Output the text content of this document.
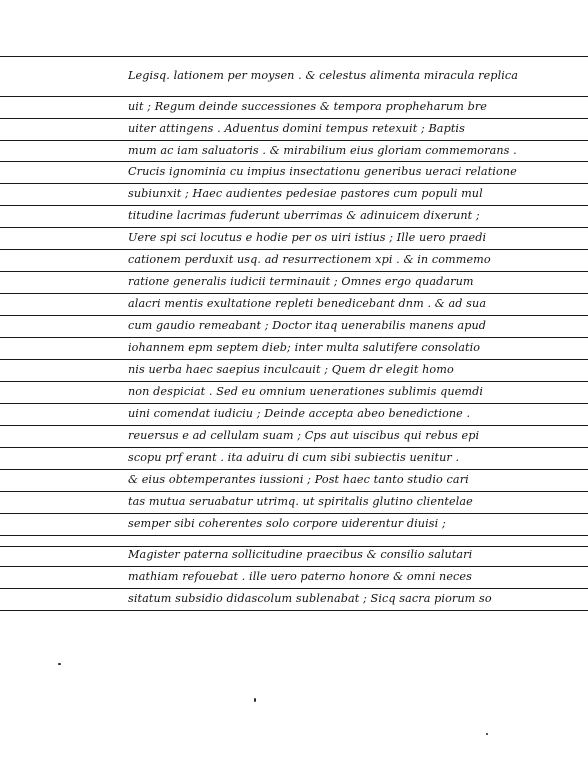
Legisq. lationem per moysen . & celestus alimenta miracula replica
uit ; Regum deinde successiones & tempora propheharum bre
uiter attingens . Aduentus domini tempus retexuit ; Baptis
mum ac iam saluatoris . & mirabilium eius gloriam commemorans .
Crucis ignominia cu impius insectationu generibus ueraci relatione
subiunxit ; Haec audientes pedesiae pastores cum populi mul
titudine lacrimas fuderunt uberrimas & adinuicem dixerunt ;
Uere spi sci locutus e hodie per os uiri istius ; Ille uero praedi
cationem perduxit usq. ad resurrectionem xpi . & in commemo
ratione generalis iudicii terminauit ; Omnes ergo quadarum
alacri mentis exultatione repleti benedicebant dnm . & ad sua
cum gaudio remeabant ; Doctor itaq uenerabilis manens apud
iohannem epm septem dieb; inter multa salutifere consolatio
nis uerba haec saepius inculcauit ; Quem dr elegit homo
non despiciat . Sed eu omnium uenerationes sublimis quemdi
uini comendat iudiciu ; Deinde accepta abeo benedictione .
reuersus e ad cellulam suam ; Cps aut uiscibus qui rebus epi
scopu prf erant . ita aduiru di cum sibi subiectis uenitur .
& eius obtemperantes iussioni ; Post haec tanto studio cari
tas mutua seruabatur utrimq. ut spiritalis glutino clientelae
semper sibi coherentes solo corpore uiderentur diuisi ;
Magister paterna sollicitudine praecibus & consilio salutari
mathiam refouebat . ille uero paterno honore & omni neces
sitatum subsidio didascolum sublenabat ; Sicq sacra piorum so
